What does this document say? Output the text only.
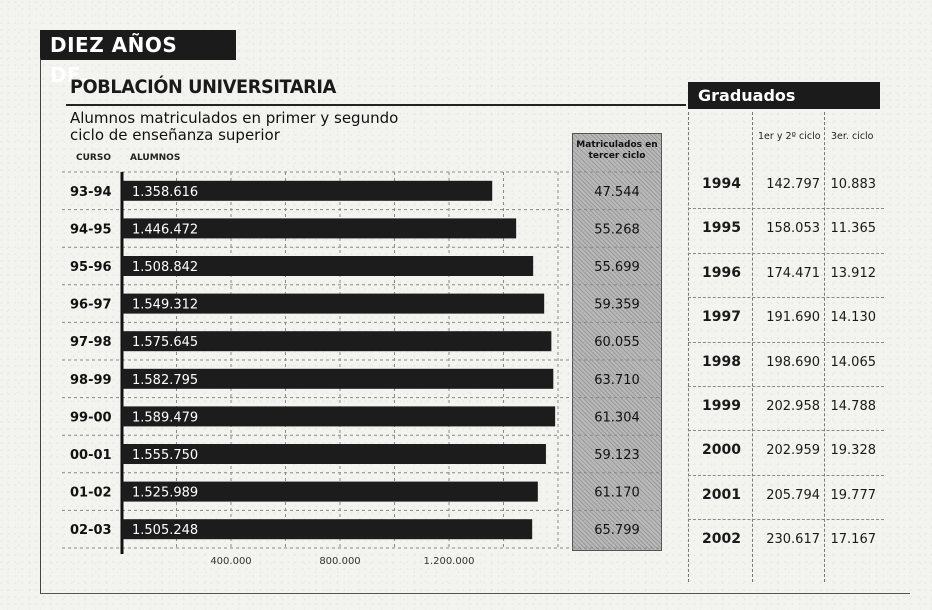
DIEZ AÑOS DE...
POBLACIÓN UNIVERSITARIA
Alumnos matriculados en primer y segundo ciclo de enseñanza superior
CURSO ALUMNOS
Matriculados en tercer ciclo
93-94 1.358.616	47.544
94-95 1.446.472	55.268
95-96 1.508.842	55.699
96-97 1.549.312	59.359
97-98 1.575.645	60.055
98-99 1.582.795	63.710
99-00 1.589.479	61.304
00-01 1.555.750	59.123
01-02 1.525.989	61.170
02-03 1.505.248	65.799
400.000	800.000	1.200.000
Graduados
1er y 2º ciclo 3er. ciclo
1994	142.797 10.883
1995	158.053 11.365
1996	174.471 13.912
1997	191.690 14.130
1998	198.690 14.065
1999	202.958 14.788
2000	202.959 19.328
2001	205.794 19.777
2002	230.617 17.167
